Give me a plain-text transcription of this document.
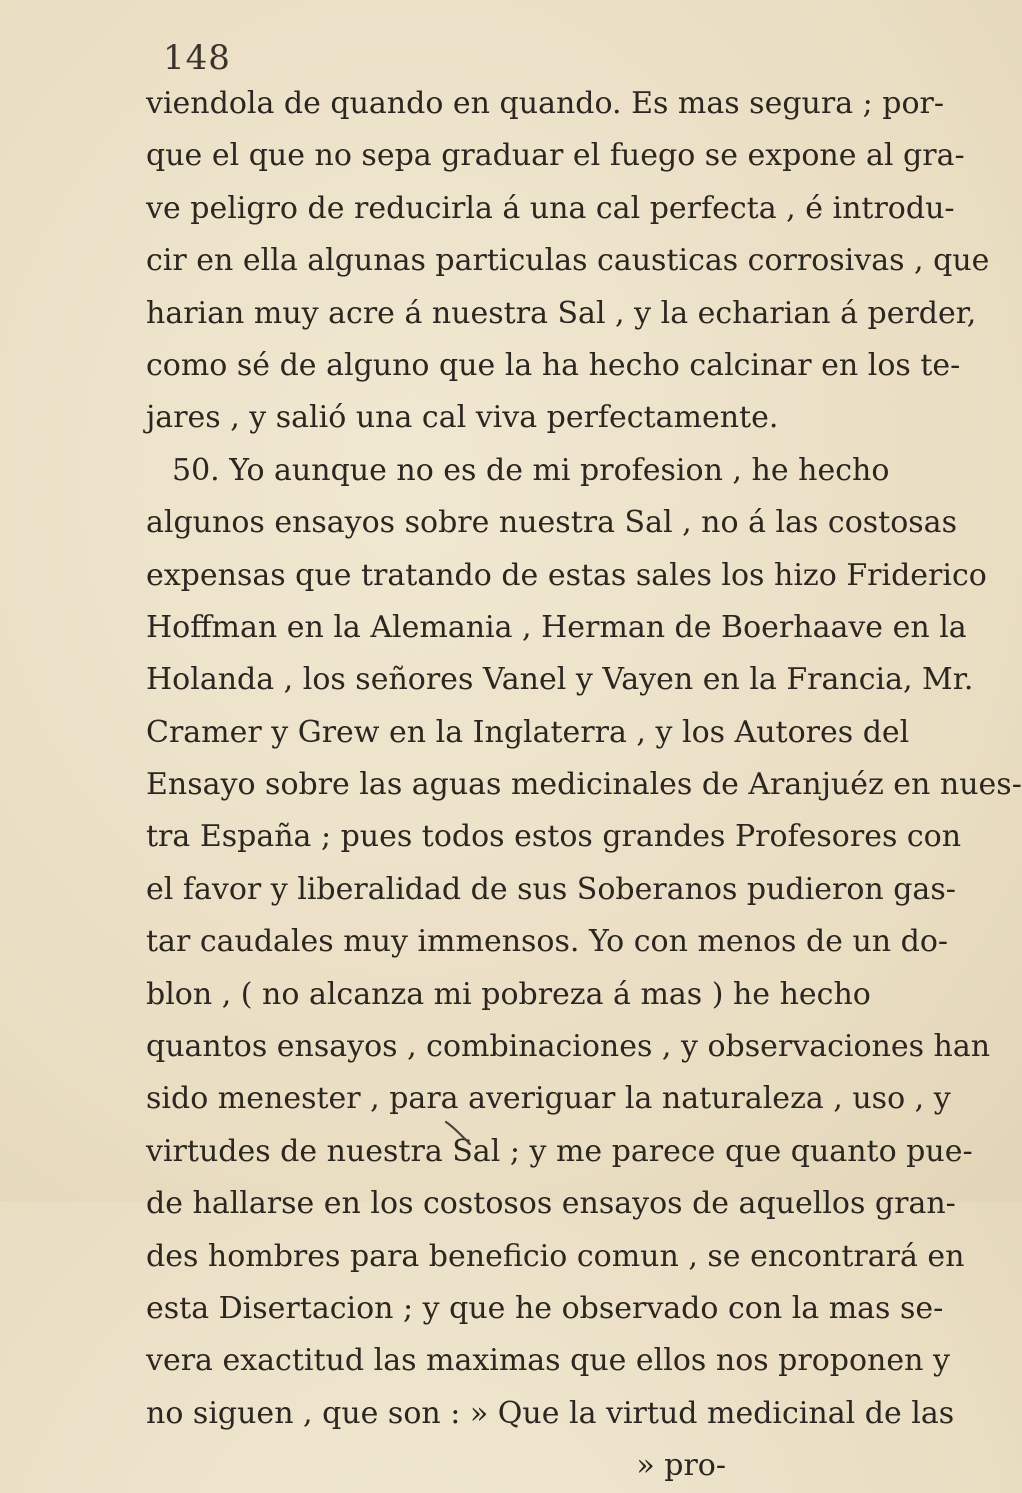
148
viendola de quando en quando. Es mas segura ; por-
que el que no sepa graduar el fuego se expone al gra-
ve peligro de reducirla á una cal perfecta , é introdu-
cir en ella algunas particulas causticas corrosivas , que
harian muy acre á nuestra Sal , y la echarian á perder,
como sé de alguno que la ha hecho calcinar en los te-
jares , y salió una cal viva perfectamente.
50. Yo aunque no es de mi profesion , he hecho
algunos ensayos sobre nuestra Sal , no á las costosas
expensas que tratando de estas sales los hizo Friderico
Hoffman en la Alemania , Herman de Boerhaave en la
Holanda , los señores Vanel y Vayen en la Francia, Mr.
Cramer y Grew en la Inglaterra , y los Autores del
Ensayo sobre las aguas medicinales de Aranjuéz en nues-
tra España ; pues todos estos grandes Profesores con
el favor y liberalidad de sus Soberanos pudieron gas-
tar caudales muy immensos. Yo con menos de un do-
blon , ( no alcanza mi pobreza á mas ) he hecho
quantos ensayos , combinaciones , y observaciones han
sido menester , para averiguar la naturaleza , uso , y
virtudes de nuestra Sal ; y me parece que quanto pue-
de hallarse en los costosos ensayos de aquellos gran-
des hombres para beneficio comun , se encontrará en
esta Disertacion ; y que he observado con la mas se-
vera exactitud las maximas que ellos nos proponen y
no siguen , que son : » Que la virtud medicinal de las
» pro-
